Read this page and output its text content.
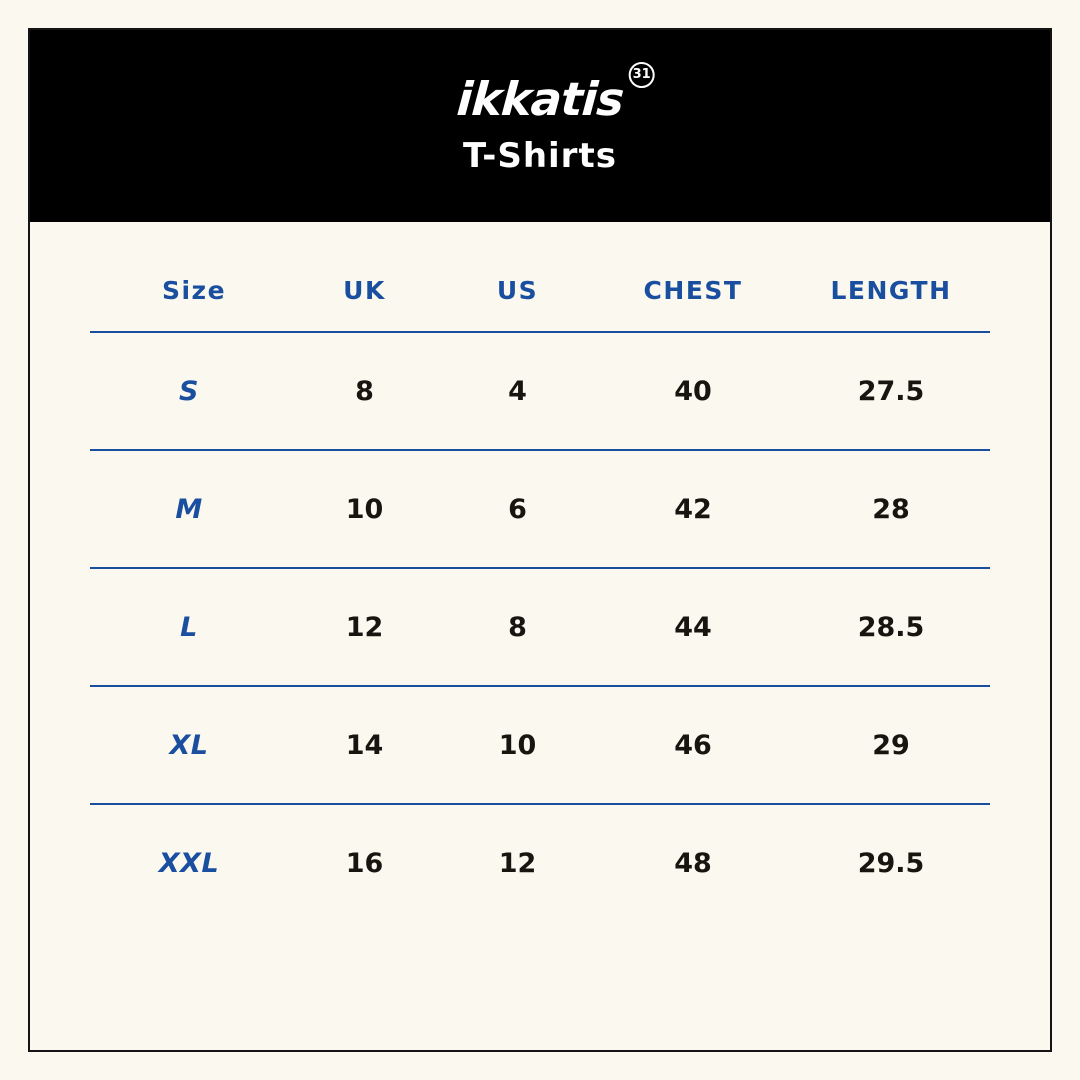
ikkatis 31
T-Shirts
Size	UK	US	CHEST	LENGTH
S	8	4	40	27.5
M	10	6	42	28
L	12	8	44	28.5
XL	14	10	46	29
XXL	16	12	48	29.5
